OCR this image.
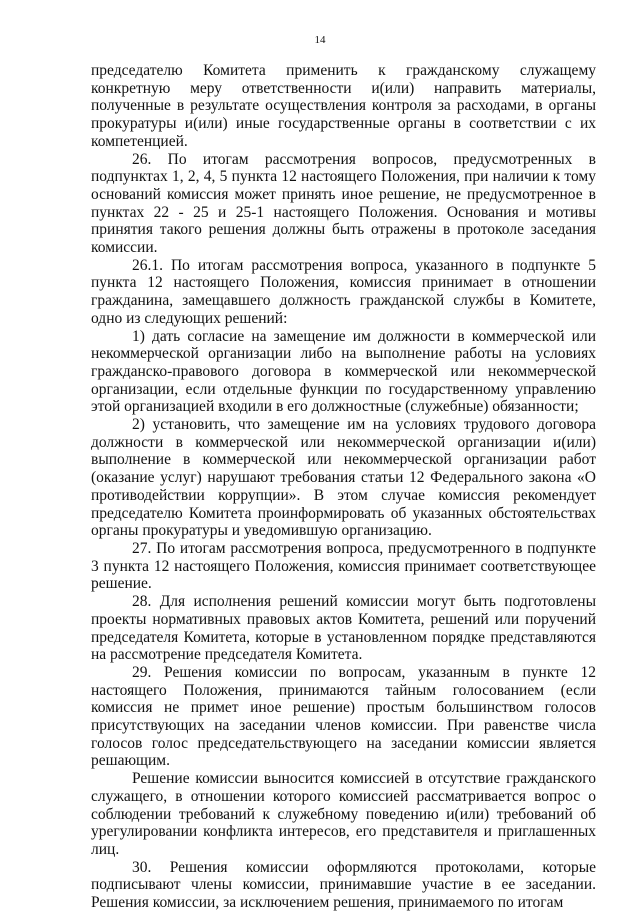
14

председателю Комитета применить к гражданскому служащему конкретную меру ответственности и(или) направить материалы, полученные в результате осуществления контроля за расходами, в органы прокуратуры и(или) иные государственные органы в соответствии с их компетенцией.

26. По итогам рассмотрения вопросов, предусмотренных в подпунктах 1, 2, 4, 5 пункта 12 настоящего Положения, при наличии к тому оснований комиссия может принять иное решение, не предусмотренное в пунктах 22 - 25 и 25-1 настоящего Положения. Основания и мотивы принятия такого решения должны быть отражены в протоколе заседания комиссии.

26.1. По итогам рассмотрения вопроса, указанного в подпункте 5 пункта 12 настоящего Положения, комиссия принимает в отношении гражданина, замещавшего должность гражданской службы в Комитете, одно из следующих решений:

1) дать согласие на замещение им должности в коммерческой или некоммерческой организации либо на выполнение работы на условиях гражданско-правового договора в коммерческой или некоммерческой организации, если отдельные функции по государственному управлению этой организацией входили в его должностные (служебные) обязанности;

2) установить, что замещение им на условиях трудового договора должности в коммерческой или некоммерческой организации и(или) выполнение в коммерческой или некоммерческой организации работ (оказание услуг) нарушают требования статьи 12 Федерального закона «О противодействии коррупции». В этом случае комиссия рекомендует председателю Комитета проинформировать об указанных обстоятельствах органы прокуратуры и уведомившую организацию.

27. По итогам рассмотрения вопроса, предусмотренного в подпункте 3 пункта 12 настоящего Положения, комиссия принимает соответствующее решение.

28. Для исполнения решений комиссии могут быть подготовлены проекты нормативных правовых актов Комитета, решений или поручений председателя Комитета, которые в установленном порядке представляются на рассмотрение председателя Комитета.

29. Решения комиссии по вопросам, указанным в пункте 12 настоящего Положения, принимаются тайным голосованием (если комиссия не примет иное решение) простым большинством голосов присутствующих на заседании членов комиссии. При равенстве числа голосов голос председательствующего на заседании комиссии является решающим.

Решение комиссии выносится комиссией в отсутствие гражданского служащего, в отношении которого комиссией рассматривается вопрос о соблюдении требований к служебному поведению и(или) требований об урегулировании конфликта интересов, его представителя и приглашенных лиц.

30. Решения комиссии оформляются протоколами, которые подписывают члены комиссии, принимавшие участие в ее заседании. Решения комиссии, за исключением решения, принимаемого по итогам
